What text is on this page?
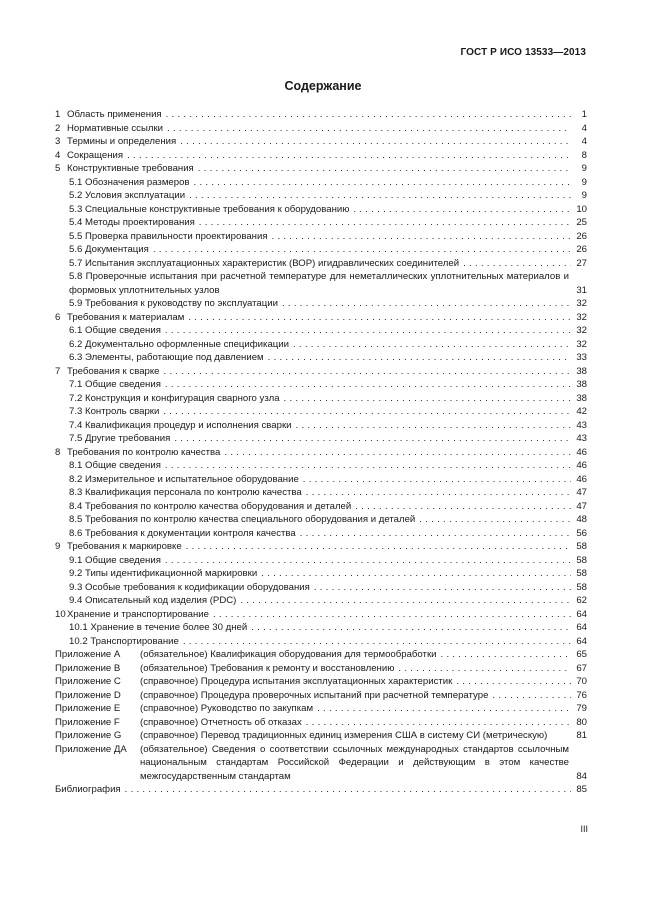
ГОСТ Р ИСО 13533—2013
Содержание
1 Область применения . . .	1
2 Нормативные ссылки . . .	4
3 Термины и определения . . .	4
4 Сокращения . . .	8
5 Конструктивные требования . . .	9
5.1 Обозначения размеров . . .	9
5.2 Условия эксплуатации . . .	9
5.3 Специальные конструктивные требования к оборудованию . . .	10
5.4 Методы проектирования . . .	25
5.5 Проверка правильности проектирования . . .	26
5.6 Документация . . .	26
5.7 Испытания эксплуатационных характеристик (ВОР) игидравлических соединителей . . .	27
5.8 Проверочные испытания при расчетной температуре для неметаллических уплотнительных материалов и формовых уплотнительных узлов	31
5.9 Требования к руководству по эксплуатации . . .	32
6 Требования к материалам . . .	32
6.1 Общие сведения . . .	32
6.2 Документально оформленные спецификации . . .	32
6.3 Элементы, работающие под давлением . . .	33
7 Требования к сварке . . .	38
7.1 Общие сведения . . .	38
7.2 Конструкция и конфигурация сварного узла . . .	38
7.3 Контроль сварки . . .	42
7.4 Квалификация процедур и исполнения сварки . . .	43
7.5 Другие требования . . .	43
8 Требования по контролю качества . . .	46
8.1 Общие сведения . . .	46
8.2 Измерительное и испытательное оборудование . . .	46
8.3 Квалификация персонала по контролю качества . . .	47
8.4 Требования по контролю качества оборудования и деталей . . .	47
8.5 Требования по контролю качества специального оборудования и деталей . . .	48
8.6 Требования к документации контроля качества . . .	56
9 Требования к маркировке . . .	58
9.1 Общие сведения . . .	58
9.2 Типы идентификационной маркировки . . .	58
9.3 Особые требования к кодификации оборудования . . .	58
9.4 Описательный код изделия (PDC) . . .	62
10 Хранение и транспортирование . . .	64
10.1 Хранение в течение более 30 дней . . .	64
10.2 Транспортирование . . .	64
Приложение А (обязательное) Квалификация оборудования для термообработки . . .	65
Приложение В (обязательное) Требования к ремонту и восстановлению . . .	67
Приложение С (справочное) Процедура испытания эксплуатационных характеристик . . .	70
Приложение D (справочное) Процедура проверочных испытаний при расчетной температуре . . .	76
Приложение Е (справочное) Руководство по закупкам . . .	79
Приложение F (справочное) Отчетность об отказах . . .	80
Приложение G (справочное) Перевод традиционных единиц измерения США в систему СИ (метрическую)	81
Приложение ДА (обязательное) Сведения о соответствии ссылочных международных стандартов ссылочным национальным стандартам Российской Федерации и действующим в этом качестве межгосударственным стандартам	84
Библиография . . .	85
III
